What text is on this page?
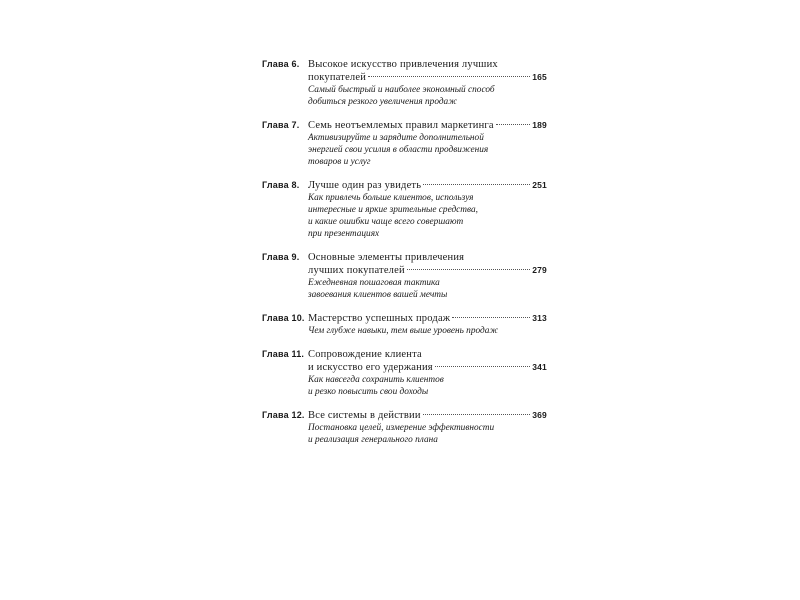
Глава 6. Высокое искусство привлечения лучших
покупателей	165
Самый быстрый и наиболее экономный способ
добиться резкого увеличения продаж
Глава 7. Семь неотъемлемых правил маркетинга	189
Активизируйте и зарядите дополнительной
энергией свои усилия в области продвижения
товаров и услуг
Глава 8. Лучше один раз увидеть	251
Как привлечь больше клиентов, используя
интересные и яркие зрительные средства,
и какие ошибки чаще всего совершают
при презентациях
Глава 9. Основные элементы привлечения
лучших покупателей	279
Ежедневная пошаговая тактика
завоевания клиентов вашей мечты
Глава 10. Мастерство успешных продаж	313
Чем глубже навыки, тем выше уровень продаж
Глава 11. Сопровождение клиента
и искусство его удержания	341
Как навсегда сохранить клиентов
и резко повысить свои доходы
Глава 12. Все системы в действии	369
Постановка целей, измерение эффективности
и реализация генерального плана
